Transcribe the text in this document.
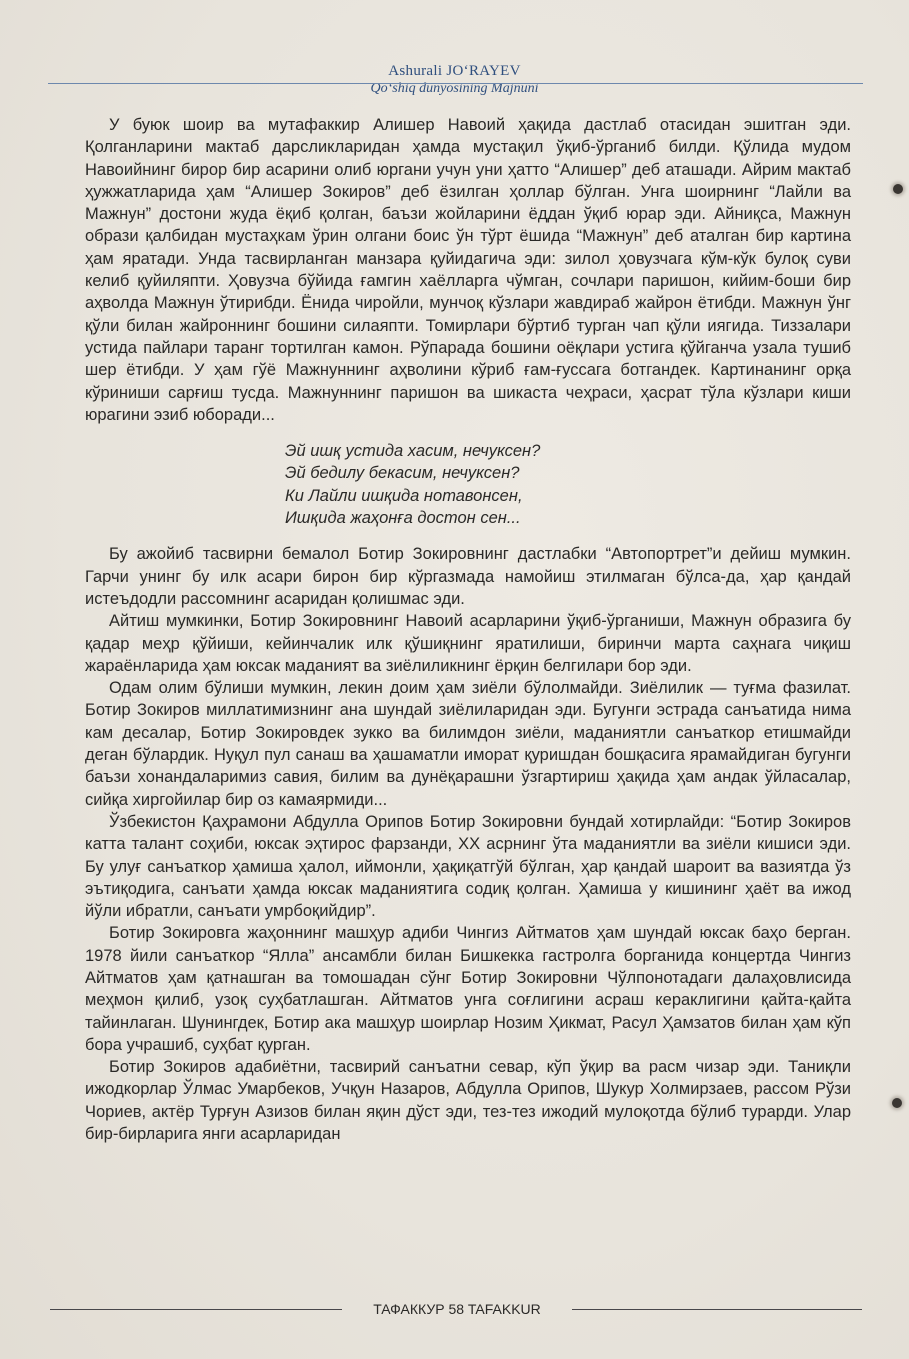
Ashurali JO‘RAYEV
Qo‘shiq dunyosining Majnuni

У буюк шоир ва мутафаккир Алишер Навоий ҳақида дастлаб отасидан эшитган эди. Қолганларини мактаб дарсликларидан ҳамда мустақил ўқиб-ўрганиб билди. Қўлида мудом Навоийнинг бирор бир асарини олиб юргани учун уни ҳатто “Алишер” деб аташади. Айрим мактаб ҳужжатларида ҳам “Алишер Зокиров” деб ёзилган ҳоллар бўлган. Унга шоирнинг “Лайли ва Мажнун” достони жуда ёқиб қолган, баъзи жойларини ёддан ўқиб юрар эди. Айниқса, Мажнун образи қалбидан мустаҳкам ўрин олгани боис ўн тўрт ёшида “Мажнун” деб аталган бир картина ҳам яратади. Унда тасвирланган манзара қуйидагича эди: зилол ҳовузчага кўм-кўк булоқ суви келиб қуйиляпти. Ҳовузча бўйида ғамгин хаёлларга чўмган, сочлари паришон, кийим-боши бир аҳволда Мажнун ўтирибди. Ёнида чиройли, мунчоқ кўзлари жавдираб жайрон ётибди. Мажнун ўнг қўли билан жайроннинг бошини силаяпти. Томирлари бўртиб турган чап қўли иягида. Тиззалари устида пайлари таранг тортилган камон. Рўпарада бошини оёқлари устига қўйганча узала тушиб шер ётибди. У ҳам гўё Мажнуннинг аҳволини кўриб ғам-ғуссага ботгандек. Картинанинг орқа кўриниши сарғиш тусда. Мажнуннинг паришон ва шикаста чеҳраси, ҳасрат тўла кўзлари киши юрагини эзиб юборади...

Эй ишқ устида хасим, нечуксен?
Эй бедилу бекасим, нечуксен?
Ки Лайли ишқида нотавонсен,
Ишқида жаҳонға достон сен...

Бу ажойиб тасвирни бемалол Ботир Зокировнинг дастлабки “Автопортрет”и дейиш мумкин. Гарчи унинг бу илк асари бирон бир кўргазмада намойиш этилмаган бўлса-да, ҳар қандай истеъдодли рассомнинг асаридан қолишмас эди.

Айтиш мумкинки, Ботир Зокировнинг Навоий асарларини ўқиб-ўрганиши, Мажнун образига бу қадар меҳр қўйиши, кейинчалик илк қўшиқнинг яратилиши, биринчи марта саҳнага чиқиш жараёнларида ҳам юксак маданият ва зиёлиликнинг ёрқин белгилари бор эди.

Одам олим бўлиши мумкин, лекин доим ҳам зиёли бўлолмайди. Зиёлилик — туғма фазилат. Ботир Зокиров миллатимизнинг ана шундай зиёлиларидан эди. Бугунги эстрада санъатида нима кам десалар, Ботир Зокировдек зукко ва билимдон зиёли, маданиятли санъаткор етишмайди деган бўлардик. Нуқул пул санаш ва ҳашаматли иморат қуришдан бошқасига ярамайдиган бугунги баъзи хонандаларимиз савия, билим ва дунёқарашни ўзгартириш ҳақида ҳам андак ўйласалар, сийқа хиргойилар бир оз камаярмиди...

Ўзбекистон Қаҳрамони Абдулла Орипов Ботир Зокировни бундай хотирлайди: “Ботир Зокиров катта талант соҳиби, юксак эҳтирос фарзанди, ХХ асрнинг ўта маданиятли ва зиёли кишиси эди. Бу улуғ санъаткор ҳамиша ҳалол, иймонли, ҳақиқатгўй бўлган, ҳар қандай шароит ва вазиятда ўз эътиқодига, санъати ҳамда юксак маданиятига содиқ қолган. Ҳамиша у кишининг ҳаёт ва ижод йўли ибратли, санъати умрбоқийдир”.

Ботир Зокировга жаҳоннинг машҳур адиби Чингиз Айтматов ҳам шундай юксак баҳо берган. 1978 йили санъаткор “Ялла” ансамбли билан Бишкекка гастролга борганида концертда Чингиз Айтматов ҳам қатнашган ва томошадан сўнг Ботир Зокировни Чўлпонотадаги далаҳовлисида меҳмон қилиб, узоқ суҳбатлашган. Айтматов унга соғлигини асраш кераклигини қайта-қайта тайинлаган. Шунингдек, Ботир ака машҳур шоирлар Нозим Ҳикмат, Расул Ҳамзатов билан ҳам кўп бора учрашиб, суҳбат қурган.

Ботир Зокиров адабиётни, тасвирий санъатни севар, кўп ўқир ва расм чизар эди. Таниқли ижодкорлар Ўлмас Умарбеков, Учқун Назаров, Абдулла Орипов, Шукур Холмирзаев, рассом Рўзи Чориев, актёр Турғун Азизов билан яқин дўст эди, тез-тез ижодий мулоқотда бўлиб турарди. Улар бир-бирларига янги асарларидан

ТАФАККУР 58 TAFAKKUR
